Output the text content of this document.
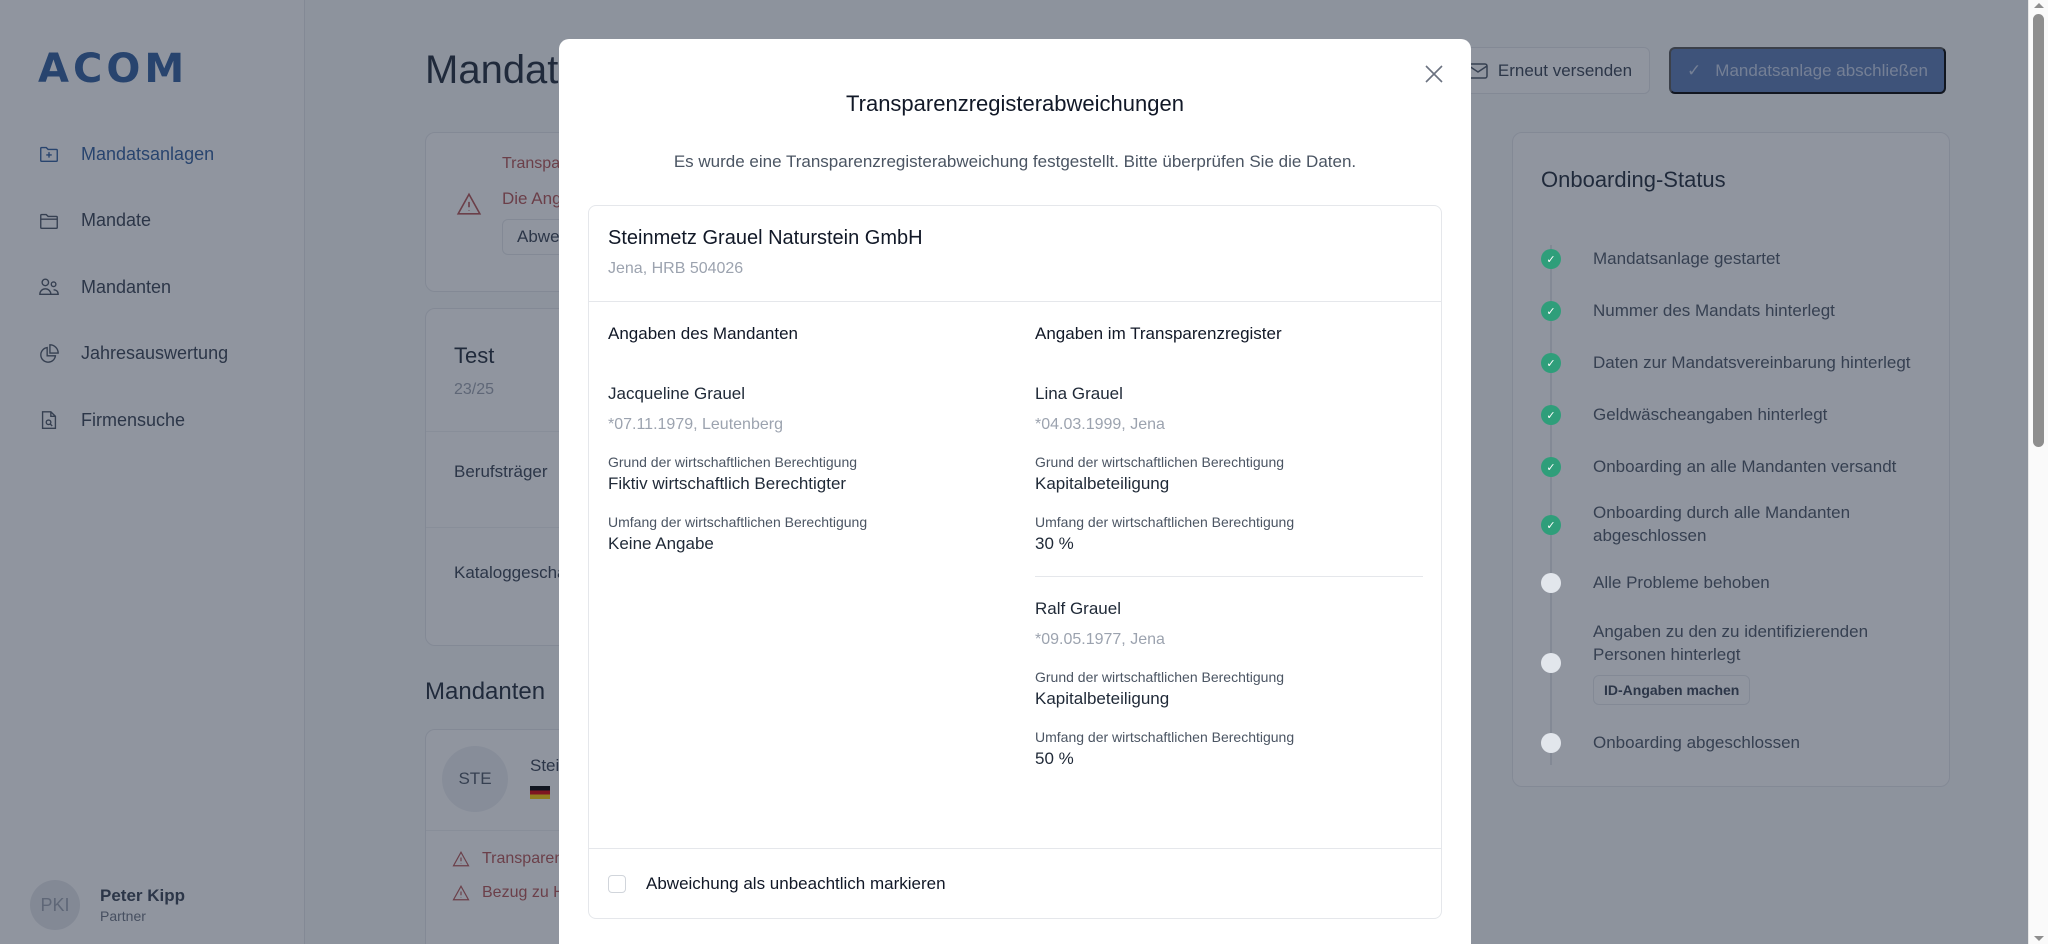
✓
✓
✓
✓
✓
✓
Transparenzregisterabweichungen

Es wurde eine Transparenzregisterabweichung festgestellt. Bitte überprüfen Sie die Daten.

Steinmetz Grauel Naturstein GmbH
Jena, HRB 504026
Angaben des Mandanten
Jacqueline Grauel
*07.11.1979, Leutenberg
Grund der wirtschaftlichen Berechtigung
Fiktiv wirtschaftlich Berechtigter
Umfang der wirtschaftlichen Berechtigung
Keine Angabe
Angaben im Transparenzregister
Lina Grauel
*04.03.1999, Jena
Grund der wirtschaftlichen Berechtigung
Kapitalbeteiligung
Umfang der wirtschaftlichen Berechtigung
30 %
Ralf Grauel
*09.05.1977, Jena
Grund der wirtschaftlichen Berechtigung
Kapitalbeteiligung
Umfang der wirtschaftlichen Berechtigung
50 %
Abweichung als unbeachtlich markieren
